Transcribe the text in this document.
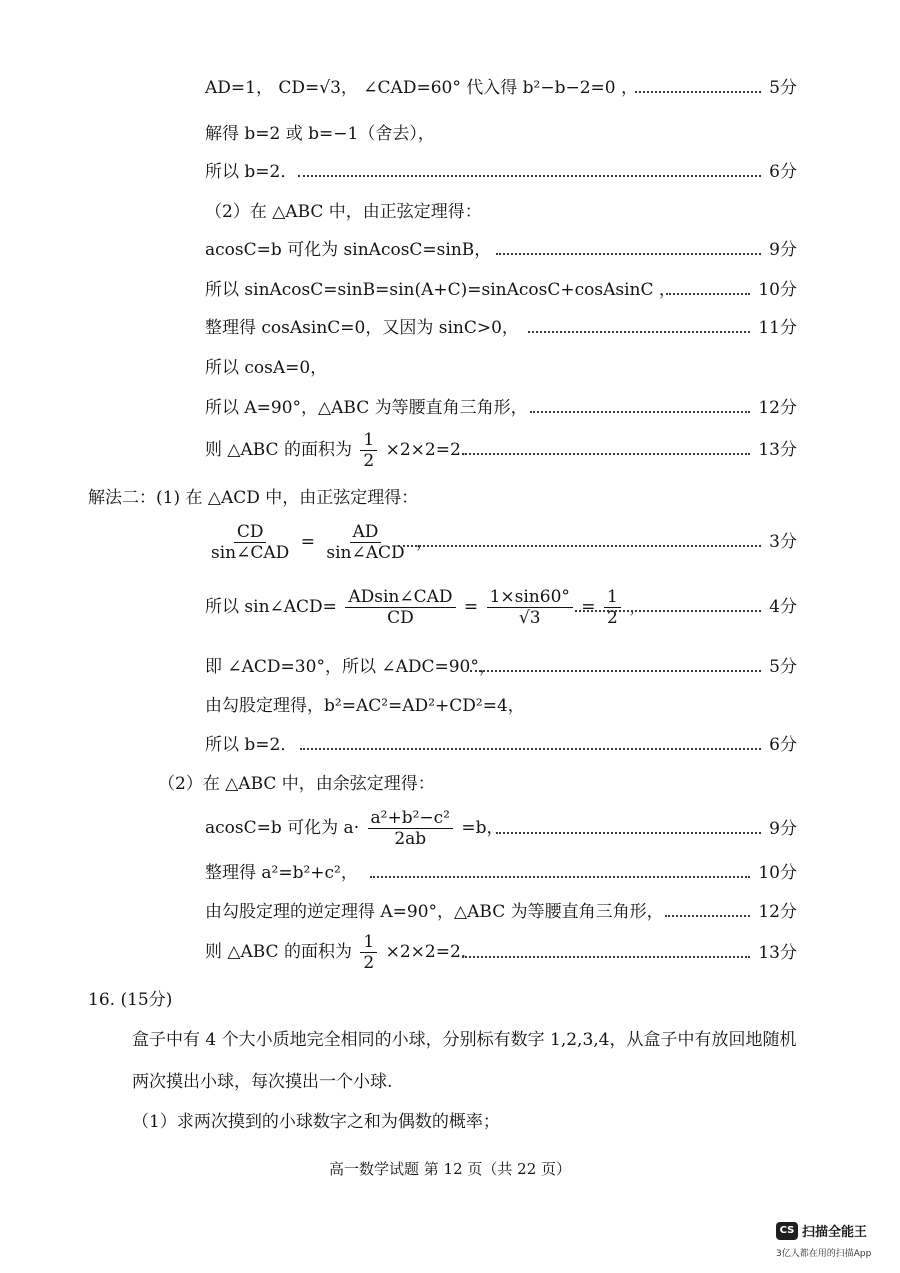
AD=1， CD=√3， ∠CAD=60° 代入得 b²−b−2=0 ，	5分
解得 b=2 或 b=−1（舍去），
所以 b=2．	6分
（2）在 △ABC 中，由正弦定理得：
acosC=b 可化为 sinAcosC=sinB，	9分
所以 sinAcosC=sinB=sin(A+C)=sinAcosC+cosAsinC ，	10分
整理得 cosAsinC=0，又因为 sinC>0，	11分
所以 cosA=0，
所以 A=90°，△ABC 为等腰直角三角形，	12分
则 △ABC 的面积为 $\frac{1}{2} \times 2\times 2=2$．	13分
解法二：(1) 在 △ACD 中，由正弦定理得：
$\frac{CD}{\text{sin∠CAD}} = \frac{AD}{\text{sin∠ACD}}$ ，	3分
所以 sin∠ACD= $\frac{\text{ADsin∠CAD}}{CD} = \frac{1\times\sin 60^\circ}{√3} = \frac{1}{2}$ ，	4分
即 ∠ACD=30°，所以 ∠ADC=90°，	5分
由勾股定理得，b²=AC²=AD²+CD²=4，
所以 b=2．	6分
（2）在 △ABC 中，由余弦定理得：
acosC=b 可化为 $a\cdot \frac{\text{a²+b²−c²}}{2ab} =b$，	9分
整理得 a²=b²+c²，	10分
由勾股定理的逆定理得 A=90°，△ABC 为等腰直角三角形，	12分
则 △ABC 的面积为 $\frac{1}{2} \times 2\times 2=2$．	13分
16. (15分)
盒子中有 4 个大小质地完全相同的小球，分别标有数字 1,2,3,4，从盒子中有放回地随机
两次摸出小球，每次摸出一个小球.
（1）求两次摸到的小球数字之和为偶数的概率；
高一数学试题 第 12 页（共 22 页）
CS 扫描全能王
3亿人都在用的扫描App
